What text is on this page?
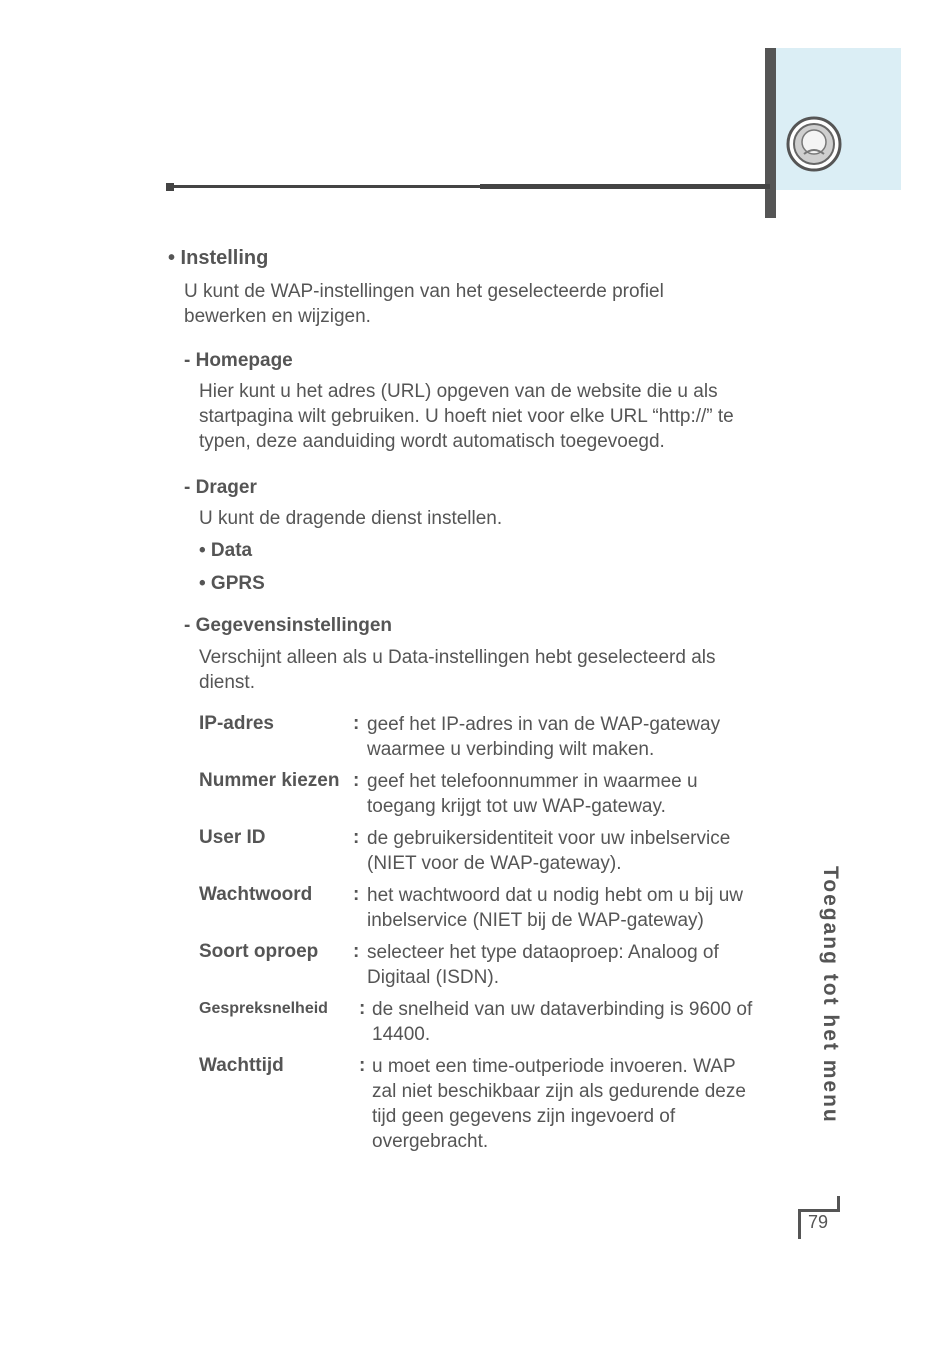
• Instelling
U kunt de WAP-instellingen van het geselecteerde profiel
bewerken en wijzigen.
- Homepage
Hier kunt u het adres (URL) opgeven van de website die u als
startpagina wilt gebruiken. U hoeft niet voor elke URL “http://” te
typen, deze aanduiding wordt automatisch toegevoegd.
- Drager
U kunt de dragende dienst instellen.
• Data
• GPRS
- Gegevensinstellingen
Verschijnt alleen als u Data-instellingen hebt geselecteerd als
dienst.
IP-adres	: geef het IP-adres in van de WAP-gateway
waarmee u verbinding wilt maken.
Nummer kiezen : geef het telefoonnummer in waarmee u
toegang krijgt tot uw WAP-gateway.
User ID	: de gebruikersidentiteit voor uw inbelservice
(NIET voor de WAP-gateway).
Wachtwoord : het wachtwoord dat u nodig hebt om u bij uw
inbelservice (NIET bij de WAP-gateway)
Soort oproep : selecteer het type dataoproep: Analoog of
Digitaal (ISDN).
Gespreksnelheid : de snelheid van uw dataverbinding is 9600 of
14400.
Wachttijd	: u moet een time-outperiode invoeren. WAP
zal niet beschikbaar zijn als gedurende deze
tijd geen gegevens zijn ingevoerd of
overgebracht.
Toegang tot het menu
79
